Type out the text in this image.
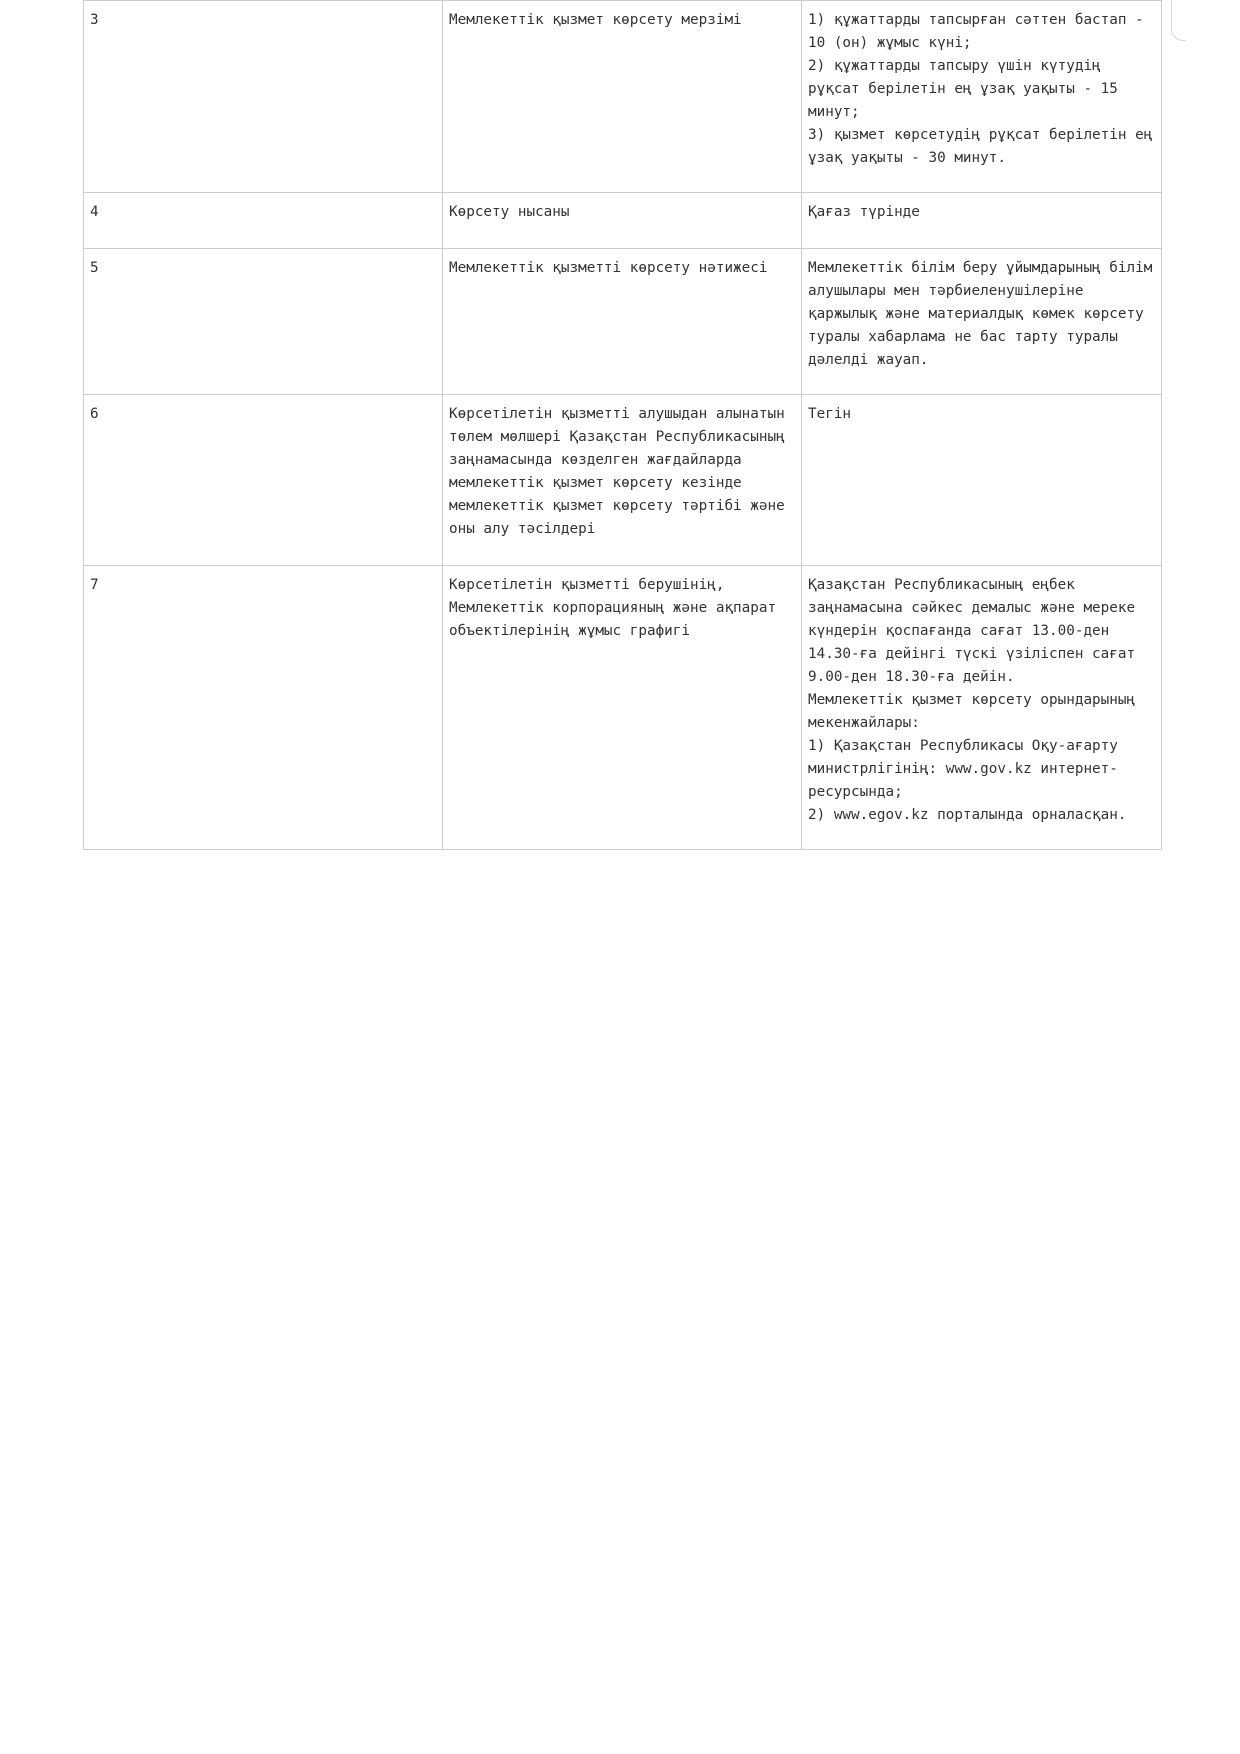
3	Мемлекеттік қызмет көрсету мерзімі	1) құжаттарды тапсырған сәттен бастап - 10 (он) жұмыс күні;
2) құжаттарды тапсыру үшін күтудің рұқсат берілетін ең ұзақ уақыты - 15 минут;
3) қызмет көрсетудің рұқсат берілетін ең ұзақ уақыты - 30 минут.
4	Көрсету нысаны	Қағаз түрінде
5	Мемлекеттік қызметті көрсету нәтижесі	Мемлекеттік білім беру ұйымдарының білім алушылары мен тәрбиеленушілеріне қаржылық және материалдық көмек көрсету туралы хабарлама не бас тарту туралы дәлелді жауап.
6	Көрсетілетін қызметті алушыдан алынатын төлем мөлшері Қазақстан Республикасының заңнамасында көзделген жағдайларда мемлекеттік қызмет көрсету кезінде мемлекеттік қызмет көрсету тәртібі және оны алу тәсілдері	Тегін
7	Көрсетілетін қызметті берушінің, Мемлекеттік корпорацияның және ақпарат объектілерінің жұмыс графигі	Қазақстан Республикасының еңбек заңнамасына сәйкес демалыс және мереке күндерін қоспағанда сағат 13.00-ден 14.30-ға дейінгі түскі үзіліспен сағат 9.00-ден 18.30-ға дейін.
Мемлекеттік қызмет көрсету орындарының мекенжайлары:
1) Қазақстан Республикасы Оқу-ағарту министрлігінің: www.gov.kz интернет-ресурсында;
2) www.egov.kz порталында орналасқан.
